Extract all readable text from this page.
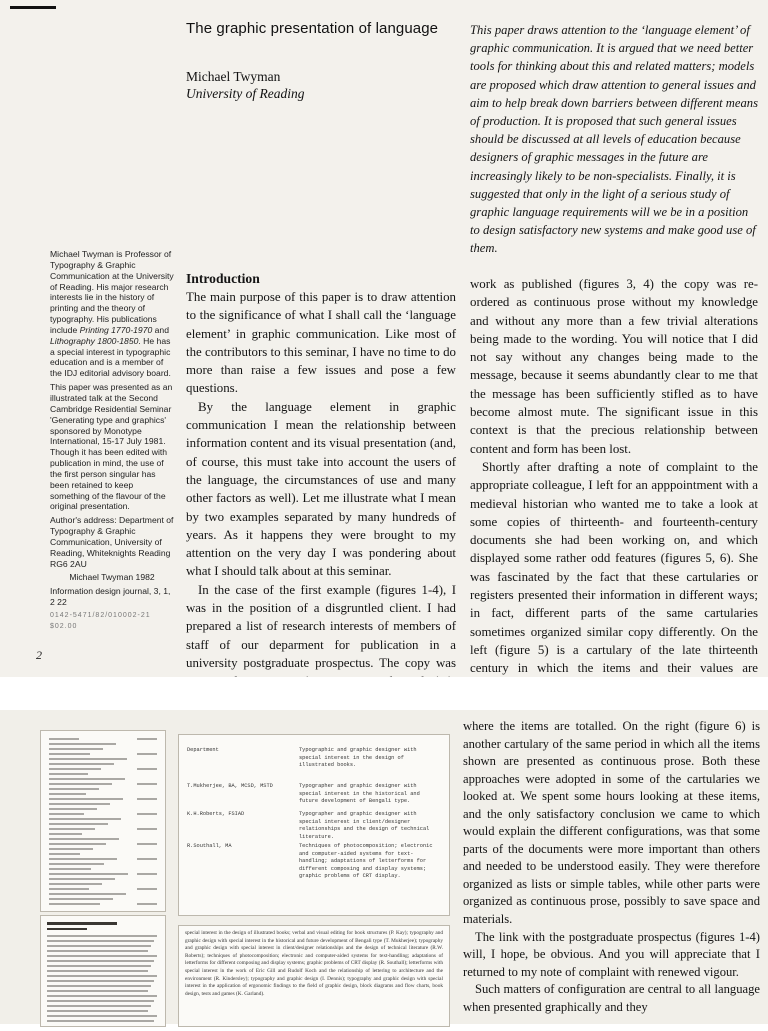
The graphic presentation of language
Michael Twyman
University of Reading
This paper draws attention to the ‘language element’ of graphic communication. It is argued that we need better tools for thinking about this and related matters; models are proposed which draw attention to general issues and aim to help break down barriers between different means of production. It is proposed that such general issues should be discussed at all levels of education because designers of graphic messages in the future are increasingly likely to be non-specialists. Finally, it is suggested that only in the light of a serious study of graphic language requirements will we be in a position to design satisfactory new systems and make good use of them.

Michael Twyman is Professor of Typography & Graphic Communication at the University of Reading. His major research interests lie in the history of printing and the theory of typography. His publications include Printing 1770-1970 and Lithography 1800-1850. He has a special interest in typographic education and is a member of the IDJ editorial advisory board.

This paper was presented as an illustrated talk at the Second Cambridge Residential Seminar 'Generating type and graphics' sponsored by Monotype International, 15-17 July 1981. Though it has been edited with publication in mind, the use of the first person singular has been retained to keep something of the flavour of the original presentation.

Author's address: Department of Typography & Graphic Communication, University of Reading, Whiteknights Reading RG6 2AU

Michael Twyman 1982

Information design journal, 3, 1, 2 22

0142-5471/82/010002-21 $02.00

Introduction

The main purpose of this paper is to draw attention to the significance of what I shall call the ‘language element’ in graphic communication. Like most of the contributors to this seminar, I have no time to do more than raise a few issues and pose a few questions.

By the language element in graphic communication I mean the relationship between information content and its visual presentation (and, of course, this must take into account the users of the language, the circumstances of use and many other factors as well). Let me illustrate what I mean by two examples separated by many hundreds of years. As it happens they were brought to my attention on the very day I was pondering about what I should talk about at this seminar.

In the case of the first example (figures 1-4), I was in the position of a disgruntled client. I had prepared a list of research interests of members of staff of our deparment for publication in a university postgraduate prospectus. The copy was

work as published (figures 3, 4) the copy was re-ordered as continuous prose without my knowledge and without any more than a few trivial alterations being made to the wording. You will notice that I did not say without any changes being made to the message, because it seems abundantly clear to me that the message has been sufficiently stifled as to have become almost mute. The significant issue in this context is that the precious relationship between content and form has been lost.

Shortly after drafting a note of complaint to the appropriate colleague, I left for an apppointment with a medieval historian who wanted me to take a look at some copies of thirteenth- and fourteenth-century documents she had been working on, and which displayed some rather odd features (figures 5, 6). She was fascinated by the fact that these cartularies or registers presented their information in different ways; in fact, different parts of the same cartularies sometimes organized similar copy differently. On the left (figure 5) is a cartulary of the late thirteenth century in which the items and their values are

2
Department	Typographic and graphic designer with special interest in the design of illustrated books.
T.Mukherjee, BA, MCSD, MSTD	Typographer and graphic designer with special interest in the historical and future development of Bengali type.
K.H.Roberts, FSIAD	Typographer and graphic designer with special interest in client/designer relationships and the design of technical literature.
R.Southall, MA	Techniques of photocomposition; electronic and computer-aided systems for text-handling; adaptations of letterforms for different composing and display systems; graphic problems of CRT display.
special interest in the design of illustrated books; verbal and visual editing for book structures (P. Kay); typography and graphic design with special interest in the historical and future development of Bengali type (T. Mukherjee); typography and graphic design with special interest in client/designer relationships and the design of technical literature (R.W. Roberts); techniques of photocomposition; electronic and computer-aided systems for text-handling; adaptations of letterforms for different composing and display systems; graphic problems of CRT display (R. Southall); letterforms with special interest in the work of Eric Gill and Rudolf Koch and the relationship of lettering to architecture and the environment (R. Kindersley); typography and graphic design (I. Dennis); typography and graphic design with special interest in the application of ergonomic findings to the field of graphic design, block diagrams and flow charts, book design, tests and games (K. Garland).

where the items are totalled. On the right (figure 6) is another cartulary of the same period in which all the items shown are presented as continuous prose. Both these approaches were adopted in some of the cartularies we looked at. We spent some hours looking at these items, and the only satisfactory conclusion we came to which would explain the different configurations, was that some parts of the documents were more important than others and needed to be understood easily. They were therefore organized as lists or simple tables, while other parts were organized as continuous prose, possibly to save space and materials.

The link with the postgraduate prospectus (figures 1-4) will, I hope, be obvious. And you will appreciate that I returned to my note of complaint with renewed vigour.

Such matters of configuration are central to all language when presented graphically and they
